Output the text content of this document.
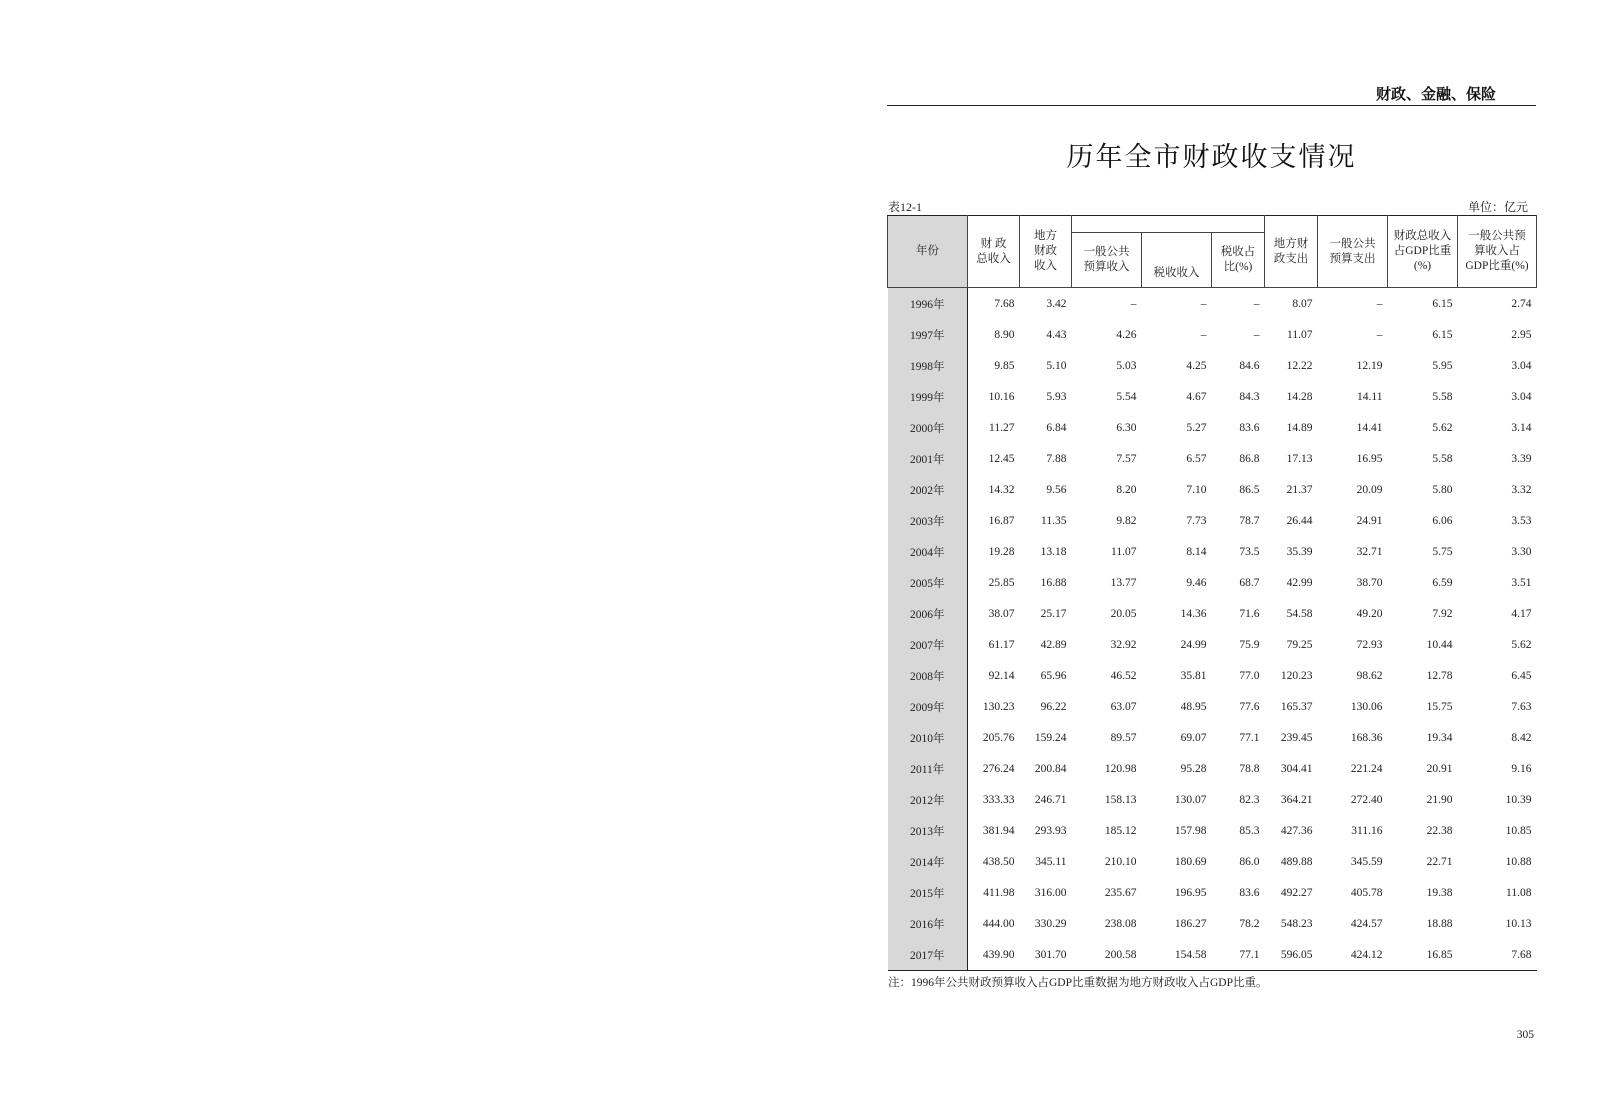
财政、金融、保险
历年全市财政收支情况
表12-1	单位：亿元
年份	财 政 总收入	地方 财政 收入				地方财 政支出	一般公共 预算支出	财政总收入 占GDP比重 (%)	一般公共预 算收入占 GDP比重(%)
			一般公共 预算收入	税收收入	税收占 比(%)				
1996年	7.68	3.42	–	–	–	8.07	–	6.15	2.74
1997年	8.90	4.43	4.26	–	–	11.07	–	6.15	2.95
1998年	9.85	5.10	5.03	4.25	84.6	12.22	12.19	5.95	3.04
1999年	10.16	5.93	5.54	4.67	84.3	14.28	14.11	5.58	3.04
2000年	11.27	6.84	6.30	5.27	83.6	14.89	14.41	5.62	3.14
2001年	12.45	7.88	7.57	6.57	86.8	17.13	16.95	5.58	3.39
2002年	14.32	9.56	8.20	7.10	86.5	21.37	20.09	5.80	3.32
2003年	16.87	11.35	9.82	7.73	78.7	26.44	24.91	6.06	3.53
2004年	19.28	13.18	11.07	8.14	73.5	35.39	32.71	5.75	3.30
2005年	25.85	16.88	13.77	9.46	68.7	42.99	38.70	6.59	3.51
2006年	38.07	25.17	20.05	14.36	71.6	54.58	49.20	7.92	4.17
2007年	61.17	42.89	32.92	24.99	75.9	79.25	72.93	10.44	5.62
2008年	92.14	65.96	46.52	35.81	77.0	120.23	98.62	12.78	6.45
2009年	130.23	96.22	63.07	48.95	77.6	165.37	130.06	15.75	7.63
2010年	205.76	159.24	89.57	69.07	77.1	239.45	168.36	19.34	8.42
2011年	276.24	200.84	120.98	95.28	78.8	304.41	221.24	20.91	9.16
2012年	333.33	246.71	158.13	130.07	82.3	364.21	272.40	21.90	10.39
2013年	381.94	293.93	185.12	157.98	85.3	427.36	311.16	22.38	10.85
2014年	438.50	345.11	210.10	180.69	86.0	489.88	345.59	22.71	10.88
2015年	411.98	316.00	235.67	196.95	83.6	492.27	405.78	19.38	11.08
2016年	444.00	330.29	238.08	186.27	78.2	548.23	424.57	18.88	10.13
2017年	439.90	301.70	200.58	154.58	77.1	596.05	424.12	16.85	7.68
注：1996年公共财政预算收入占GDP比重数据为地方财政收入占GDP比重。
305
